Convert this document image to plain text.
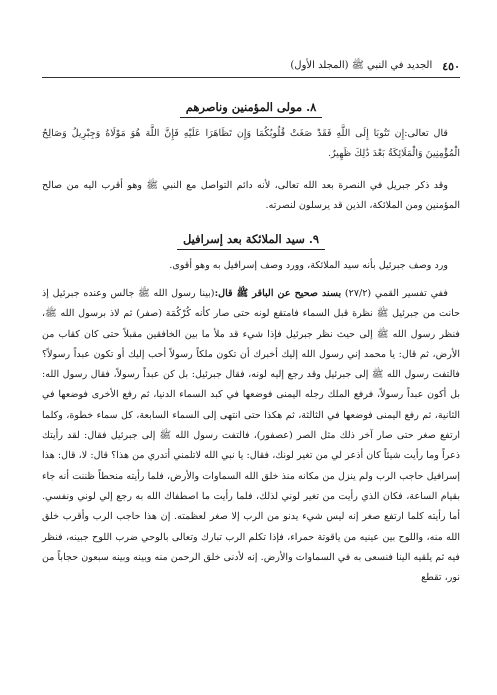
٤٥٠
الجديد في النبي ﷺ (المجلد الأول)
٨. مولى المؤمنين وناصرهم

قال تعالى:إِن تَتُوبَا إِلَى اللَّهِ فَقَدْ صَغَتْ قُلُوبُكُمَا وَإِن تَظَاهَرَا عَلَيْهِ فَإِنَّ اللَّهَ هُوَ مَوْلَاهُ وَجِبْرِيلُ وَصَالِحُ الْمُؤْمِنِينَ وَالْمَلَائِكَةُ بَعْدَ ذَٰلِكَ ظَهِيرٌ.

وقد ذكر جبريل في النصرة بعد الله تعالى، لأنه دائم التواصل مع النبي ﷺ وهو أقرب اليه من صالح المؤمنين ومن الملائكة، الذين قد يرسلون لنصرته.

٩. سيد الملائكة بعد إسرافيل

ورد وصف جبرئيل بأنه سيد الملائكة، وورد وصف إسرافيل به وهو أقوى.

ففي تفسير القمي (٢٧/٢) بسند صحيح عن الباقر ﷺ قال:(بينا رسول الله ﷺ جالس وعنده جبرئيل إذ حانت من جبرئيل ﷺ نظرة قبل السماء فامتقع لونه حتى صار كأنه كُرْكُمَة (صفر) ثم لاذ برسول الله ﷺ، فنظر رسول الله ﷺ إلى حيث نظر جبرئيل فإذا شيء قد ملأ ما بين الخافقين مقبلاً حتى كان كقاب من الأرض، ثم قال: يا محمد إني رسول الله إليك أخبرك أن تكون ملكاً رسولاً أحب إليك أو تكون عبداً رسولاً؟ فالتفت رسول الله ﷺ إلى جبرئيل وقد رجع إليه لونه، فقال جبرئيل: بل كن عبداً رسولاً، فقال رسول الله: بل أكون عبداً رسولاً، فرفع الملك رجله اليمنى فوضعها في كبد السماء الدنيا، ثم رفع الأخرى فوضعها في الثانية، ثم رفع اليمنى فوضعها في الثالثة، ثم هكذا حتى انتهى إلى السماء السابعة، كل سماء خطوة، وكلما ارتفع صغر حتى صار آخر ذلك مثل الصر (عصفور)، فالتفت رسول الله ﷺ إلى جبرئيل فقال: لقد رأيتك ذعراً وما رأيت شيئاً كان أذعر لي من تغير لونك، فقال: يا نبي الله لاتلمني أتدري من هذا؟ قال: لا، قال: هذا إسرافيل حاجب الرب ولم ينزل من مكانه منذ خلق الله السماوات والأرض، فلما رأيته منحطاً ظننت أنه جاء بقيام الساعة، فكان الذي رأيت من تغير لوني لذلك، فلما رأيت ما اصطفاك الله به رجع إلي لوني ونفسي. أما رأيته كلما ارتفع صغر إنه ليس شيء يدنو من الرب إلا صغر لعظمته. إن هذا حاجب الرب وأقرب خلق الله منه، واللوح بين عينيه من ياقوتة حمراء، فإذا تكلم الرب تبارك وتعالى بالوحي ضرب اللوح جبينه، فنظر فيه ثم يلقيه الينا فنسعى به في السماوات والأرض. إنه لأدنى خلق الرحمن منه وبينه وبينه سبعون حجاباً من نور، تقطع
